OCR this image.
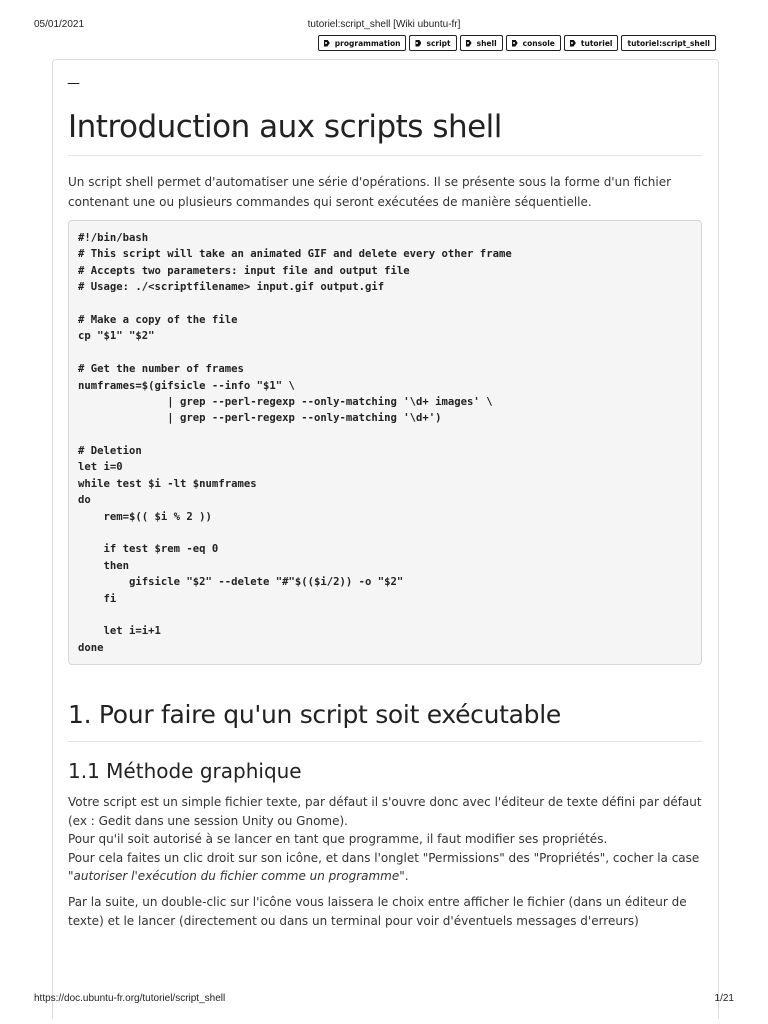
05/01/2021	tutoriel:script_shell [Wiki ubuntu-fr]
programmation	script	shell	console	tutoriel tutoriel:script_shell
—
Introduction aux scripts shell

Un script shell permet d'automatiser une série d'opérations. Il se présente sous la forme d'un fichier contenant une ou plusieurs commandes qui seront exécutées de manière séquentielle.

#!/bin/bash
# This script will take an animated GIF and delete every other frame
# Accepts two parameters: input file and output file
# Usage: ./<scriptfilename> input.gif output.gif
# Make a copy of the file
cp "$1" "$2"
# Get the number of frames
numframes=$(gifsicle --info "$1" \
| grep --perl-regexp --only-matching '\d+ images' \
| grep --perl-regexp --only-matching '\d+')
# Deletion
let i=0
while test $i -lt $numframes
do
rem=$(( $i % 2 ))
if test $rem -eq 0
then
gifsicle "$2" --delete "#"$(($i/2)) -o "$2"
fi
let i=i+1
done
1. Pour faire qu'un script soit exécutable
1.1 Méthode graphique

Votre script est un simple fichier texte, par défaut il s'ouvre donc avec l'éditeur de texte défini par défaut (ex : Gedit dans une session Unity ou Gnome).
Pour qu'il soit autorisé à se lancer en tant que programme, il faut modifier ses propriétés.
Pour cela faites un clic droit sur son icône, et dans l'onglet "Permissions" des "Propriétés", cocher la case "autoriser l'exécution du fichier comme un programme".

Par la suite, un double-clic sur l'icône vous laissera le choix entre afficher le fichier (dans un éditeur de texte) et le lancer (directement ou dans un terminal pour voir d'éventuels messages d'erreurs)

https://doc.ubuntu-fr.org/tutoriel/script_shell	1/21
